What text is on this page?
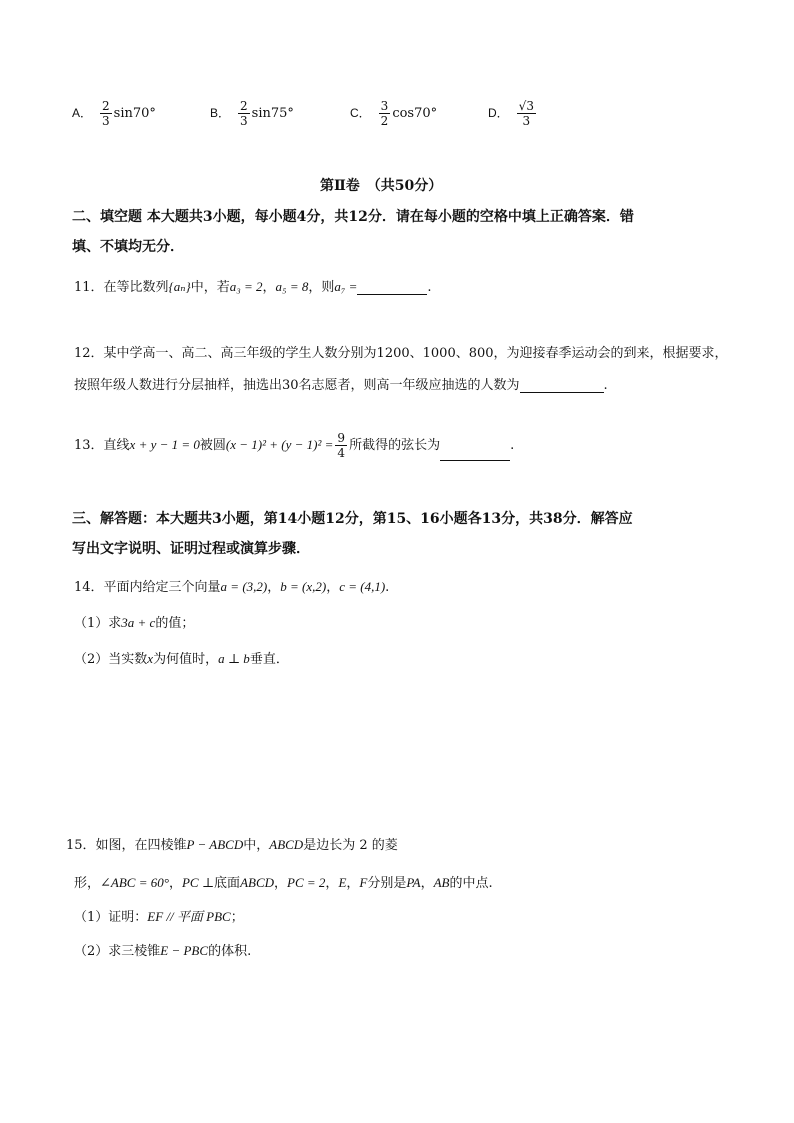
A． $\frac{2}{3} \sin 70^\circ$	B． $\frac{2}{3} \sin 75^\circ$	C． $\frac{3}{2} \cos 70^\circ$	D． $\frac{√3}{3}$
第Ⅱ卷　（共50分）
二、填空题 本大题共3小题，每小题4分，共12分．请在每小题的空格中填上正确答案．错
填、不填均无分．
11．在等比数列{aₙ}中，若a₃ = 2，a₅ = 8，则a₇ =	.
12．某中学高一、高二、高三年级的学生人数分别为1200、1000、800，为迎接春季运动会的到来，根据要求，
按照年级人数进行分层抽样，抽选出30名志愿者，则高一年级应抽选的人数为	.
13．直线x + y − 1 = 0被圆$(x - 1)^2 + (y - 1)^2 = \frac{9}{4}$ 所截得的弦长为	.
三、解答题：本大题共3小题，第14小题12分，第15、16小题各13分，共38分．解答应
写出文字说明、证明过程或演算步骤．
14．平面内给定三个向量a = (3,2)，b = (x,2)，c = (4,1).
（1）求3a + c的值；
（2）当实数x为何值时，a ⊥ b垂直．
15．如图，在四棱锥P − ABCD中，ABCD是边长为 2 的菱
形，∠ABC = 60°，PC ⊥底面ABCD，PC = 2，E，F分别是PA，AB的中点.
（1）证明：EF // 平面 PBC；
（2）求三棱锥E − PBC的体积.
